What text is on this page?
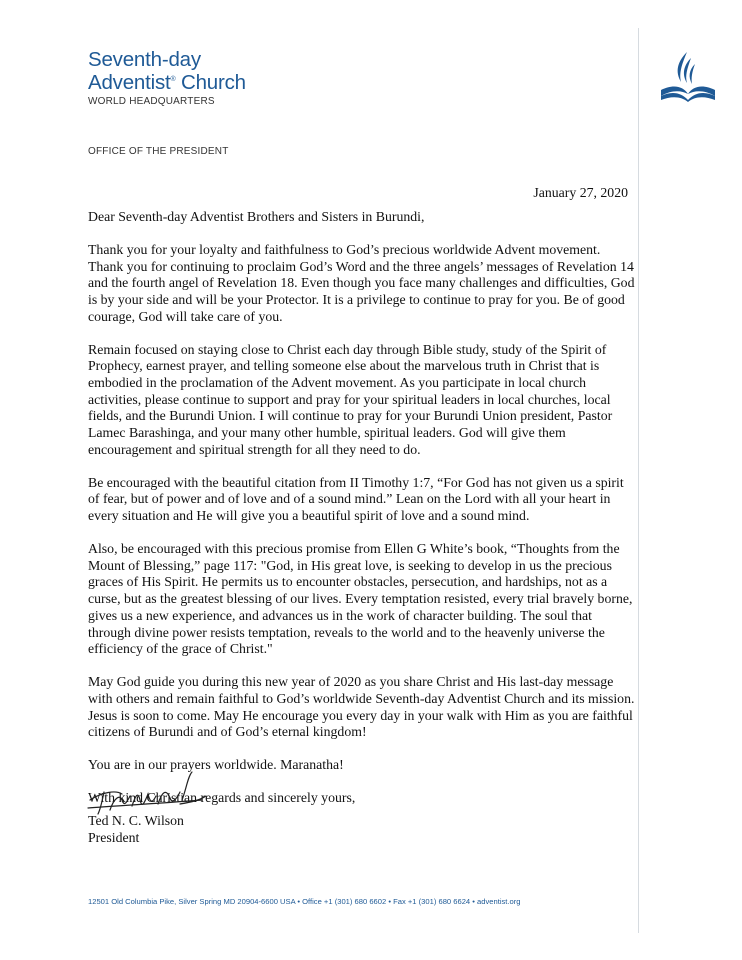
Seventh-day
Adventist® Church
WORLD HEADQUARTERS
OFFICE OF THE PRESIDENT
January 27, 2020

Dear Seventh-day Adventist Brothers and Sisters in Burundi,

Thank you for your loyalty and faithfulness to God’s precious worldwide Advent movement. Thank you for continuing to proclaim God’s Word and the three angels’ messages of Revelation 14 and the fourth angel of Revelation 18. Even though you face many challenges and difficulties, God is by your side and will be your Protector. It is a privilege to continue to pray for you. Be of good courage, God will take care of you.

Remain focused on staying close to Christ each day through Bible study, study of the Spirit of Prophecy, earnest prayer, and telling someone else about the marvelous truth in Christ that is embodied in the proclamation of the Advent movement. As you participate in local church activities, please continue to support and pray for your spiritual leaders in local churches, local fields, and the Burundi Union. I will continue to pray for your Burundi Union president, Pastor Lamec Barashinga, and your many other humble, spiritual leaders. God will give them encouragement and spiritual strength for all they need to do.

Be encouraged with the beautiful citation from II Timothy 1:7, “For God has not given us a spirit of fear, but of power and of love and of a sound mind.” Lean on the Lord with all your heart in every situation and He will give you a beautiful spirit of love and a sound mind.

Also, be encouraged with this precious promise from Ellen G White’s book, “Thoughts from the Mount of Blessing,” page 117: "God, in His great love, is seeking to develop in us the precious graces of His Spirit. He permits us to encounter obstacles, persecution, and hardships, not as a curse, but as the greatest blessing of our lives. Every temptation resisted, every trial bravely borne, gives us a new experience, and advances us in the work of character building. The soul that through divine power resists temptation, reveals to the world and to the heavenly universe the efficiency of the grace of Christ."

May God guide you during this new year of 2020 as you share Christ and His last-day message with others and remain faithful to God’s worldwide Seventh-day Adventist Church and its mission. Jesus is soon to come. May He encourage you every day in your walk with Him as you are faithful citizens of Burundi and of God’s eternal kingdom!

You are in our prayers worldwide. Maranatha!

With kind Christian regards and sincerely yours,

Ted N. C. Wilson
President
12501 Old Columbia Pike, Silver Spring MD 20904-6600 USA • Office +1 (301) 680 6602 • Fax +1 (301) 680 6624 • adventist.org
